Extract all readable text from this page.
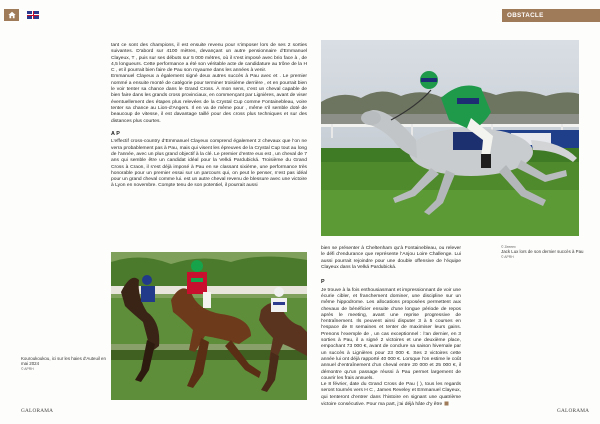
OBSTACLE

tant ce sont des champions, il est ensuite revenu pour s’imposer lors de ses 2 sorties suivantes. D’abord sur 4100 mètres, devançant un autre pensionnaire d’Emmanuel Clayeux, T , puis sur ses débuts sur 5 000 mètres, où il s’est imposé avec brio face à , de 4,5 longueurs. Cette performance a été son véritable acte de candidature au trône de la H C , et il pourrait bien faire de Pau son royaume dans les années à venir.

Emmanuel Clayeux a également signé deux autres succès à Pau avec et . Le premier nommé a ensuite monté de catégorie pour terminer troisième derrière , et en pourrait bien le voir tenter sa chance dans le Grand Cross. À mon sens, c’est un cheval capable de bien faire dans les grands cross provinciaux, en commençant par Lignières, avant de viser éventuellement des étapes plus relevées de la Crystal Cup comme Fontainebleau, voire tenter sa chance au Lion-d’Angers. Il en va de même pour , même s’il semble doté de beaucoup de vitesse, il est davantage taillé pour des cross plus techniques et sur des distances plus courtes.

A P

L’effectif cross-country d’Emmanuel Clayeux comprend également 2 chevaux que l’on ne verra probablement pas à Pau, mais qui visent les épreuves de la Crystal Cup tout au long de l’année, avec un plus grand objectif à la clé. Le premier d’entre eux est , un cheval de 7 ans qui semble être un candidat idéal pour la Velká Pardubická. Troisième du Grand Cross à Craon, il s’est déjà imposé à Pau en se classant sixième, une performance très honorable pour un premier essai sur un parcours qui, on peut le penser, n’est pas idéal pour un grand cheval comme lui. est un autre cheval revenu de blessure avec une victoire à Lyon en novembre. Compte tenu de son potentiel, il pourrait aussi

© Zeeeex
Jack Lux lors de son dernier succès à Pau
© APRH
Kouroukoukou, ici sur les haies d’Auteuil en mai 2024
© APRH

bien se présenter à Cheltenham qu’à Fontainebleau, ou relever le défi d’endurance que représente l’Anjou Loire Challenge. Lui aussi pourrait rejoindre pour une double offensive de l’équipe Clayeux dans la Velká Pardubická.

P

Je trouve à la fois enthousiasmant et impressionnant de voir une écurie cibler, et franchement dominer, une discipline sur un même hippodrome. Les allocations proposées permettent aux chevaux de bénéficier ensuite d’une longue période de repos après le meeting, avant une reprise progressive de l’entraînement. Ils peuvent ainsi disputer 3 à 5 courses en l’espace de 8 semaines et tenter de maximiser leurs gains. Prenons l’exemple de , un cas exceptionnel : l’an dernier, en 3 sorties à Pau, il a signé 2 victoires et une deuxième place, empochant 73 000 €, avant de conclure sa saison hivernale par un succès à Lignières pour 23 000 €. Ses 2 victoires cette année lui ont déjà rapporté 40 000 €. Lorsque l’on estime le coût annuel d’entraînement d’un cheval entre 20 000 et 25 000 €, il démontre qu’un passage réussi à Pau permet largement de couvrir les frais annuels.

Le 8 février, date du Grand Cross de Pau ( ), tous les regards seront tournés vers H C , James Reveley et Emmanuel Clayeux, qui tenteront d’entrer dans l’histoire en signant une quatrième victoire consécutive. Pour ma part, j’ai déjà hâte d’y être

GALORAMA	GALORAMA
